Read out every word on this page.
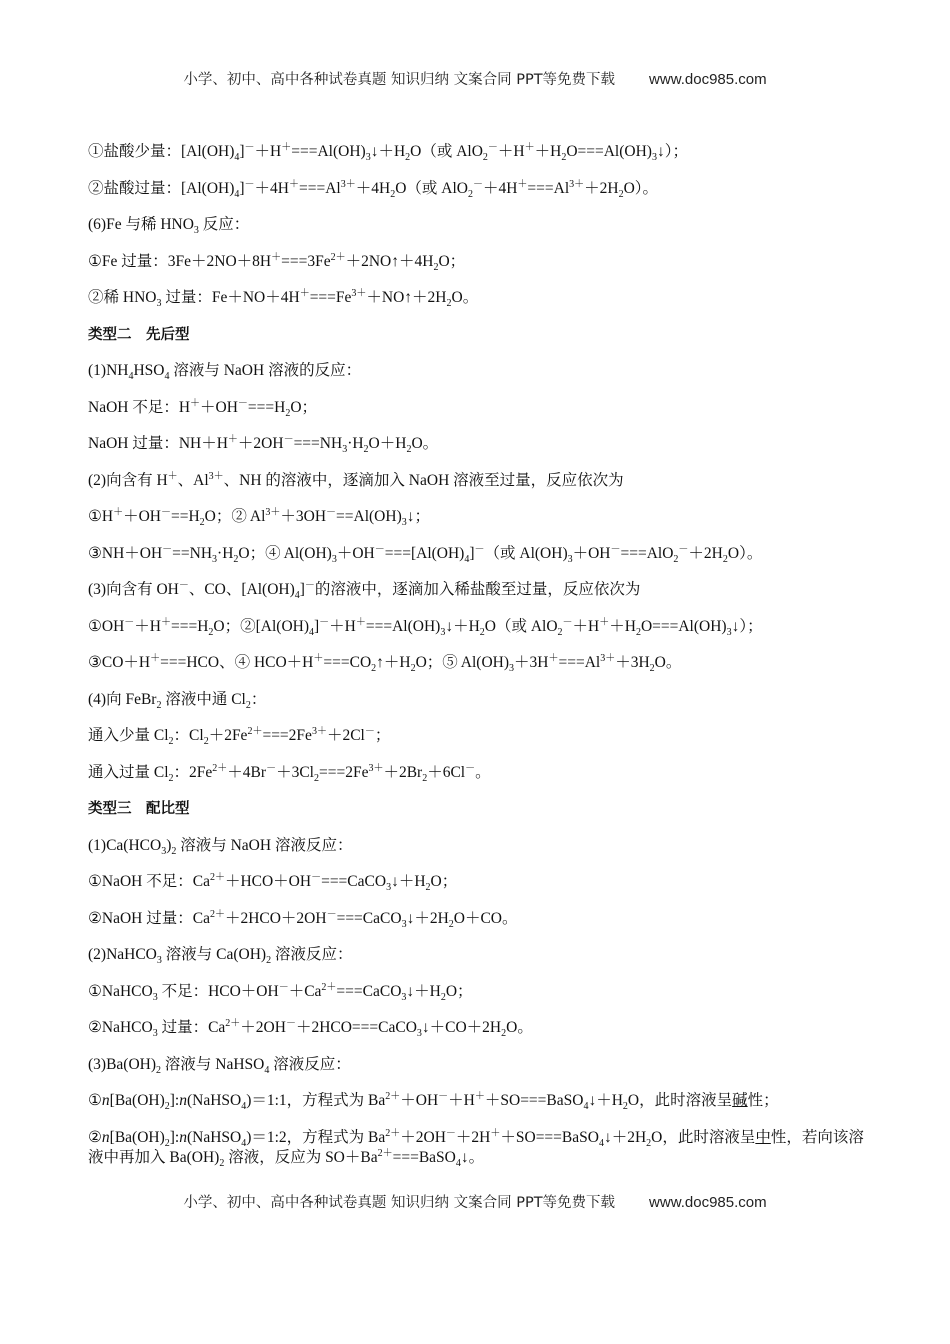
小学、初中、高中各种试卷真题 知识归纳 文案合同 PPT等免费下载 www.doc985.com
①盐酸少量：$[Al(OH)_4]^-+H^+===Al(OH)_3↓+H_2O$（或 $AlO_2^-+H^++H_2O===Al(OH)_3↓$）；
②盐酸过量：$[Al(OH)_4]^-+4H^+===Al^{3+}+4H_2O$（或 $AlO_2^-+4H^+===Al^{3+}+2H_2O$）。
(6)Fe 与稀 $HNO_3$ 反应：
①Fe 过量：$3Fe+2NO+8H^+===3Fe^{2+}+2NO↑+4H_2O$；
②稀 $HNO_3$ 过量：$Fe+NO+4H^+===Fe^{3+}+NO↑+2H_2O$。
类型二　先后型
$(1)NH_4HSO_4$ 溶液与 NaOH 溶液的反应：
NaOH 不足：$H^++OH^-===H_2O$；
NaOH 过量：$NH+H^++2OH^-===NH_3\cdot H_2O+H_2O$。
(2)向含有 H＋、$Al^{3+}$、NH 的溶液中，逐滴加入 NaOH 溶液至过量，反应依次为
$①H^++OH^-==H_2O$；② $Al^{3+}+3OH^-==Al(OH)_3↓$；
$③NH+OH^-==NH_3\cdot H_2O$；④ $Al(OH)_3+OH^-===[Al(OH)_4]^-$（或 $Al(OH)_3+OH^-===AlO_2^-+2H_2O$）。
(3)向含有 OH－、CO、$[Al(OH)_4]^-$的溶液中，逐滴加入稀盐酸至过量，反应依次为
$①OH^-+H^+===H_2O$；$②[Al(OH)_4]^-+H^+===Al(OH)_3↓+H_2O$（或 $AlO_2^-+H^++H_2O===Al(OH)_3↓$）；
③CO＋H＋===HCO、④ $HCO+H^+===CO_2↑+H_2O$；⑤ $Al(OH)_3+3H^+===Al^{3+}+3H_2O$。
(4)向 FeBr$_2$ 溶液中通 $Cl_2$：
通入少量 $Cl_2$：$Cl_2+2Fe^{2+}===2Fe^{3+}+2Cl^-$；
通入过量 $Cl_2$：$2Fe^{2+}+4Br^-+3Cl_2===2Fe^{3+}+2Br_2+6Cl^-$。
类型三　配比型
$(1)Ca(HCO_3)_2$ 溶液与 NaOH 溶液反应：
①NaOH 不足：$Ca^{2+}+HCO+OH^-===CaCO_3↓+H_2O$；
②NaOH 过量：$Ca^{2+}+2HCO+2OH^-===CaCO_3↓+2H_2O+CO$。
(2)NaHCO$_3$ 溶液与 $Ca(OH)_2$ 溶液反应：
①NaHCO$_3$ 不足：$HCO+OH^-+Ca^{2+}===CaCO_3↓+H_2O$；
②NaHCO$_3$ 过量：$Ca^{2+}+2OH^-+2HCO===CaCO_3↓+CO+2H_2O$。
$(3)Ba(OH)_2$ 溶液与 NaHSO$_4$ 溶液反应：
$①n[Ba(OH)_2]:n(NaHSO_4)=1:1$，方程式为 $Ba^{2+}+OH^-+H^++SO===BaSO_4↓+H_2O$，此时溶液呈碱性；
$②n[Ba(OH)_2]:n(NaHSO_4)=1:2$，方程式为 $Ba^{2+}+2OH^-+2H^++SO===BaSO_4↓+2H_2O$，此时溶液呈中性，若向该溶液中再加入 $Ba(OH)_2$ 溶液，反应为 $SO+Ba^{2+}===BaSO_4↓$。
小学、初中、高中各种试卷真题 知识归纳 文案合同 PPT等免费下载 www.doc985.com
